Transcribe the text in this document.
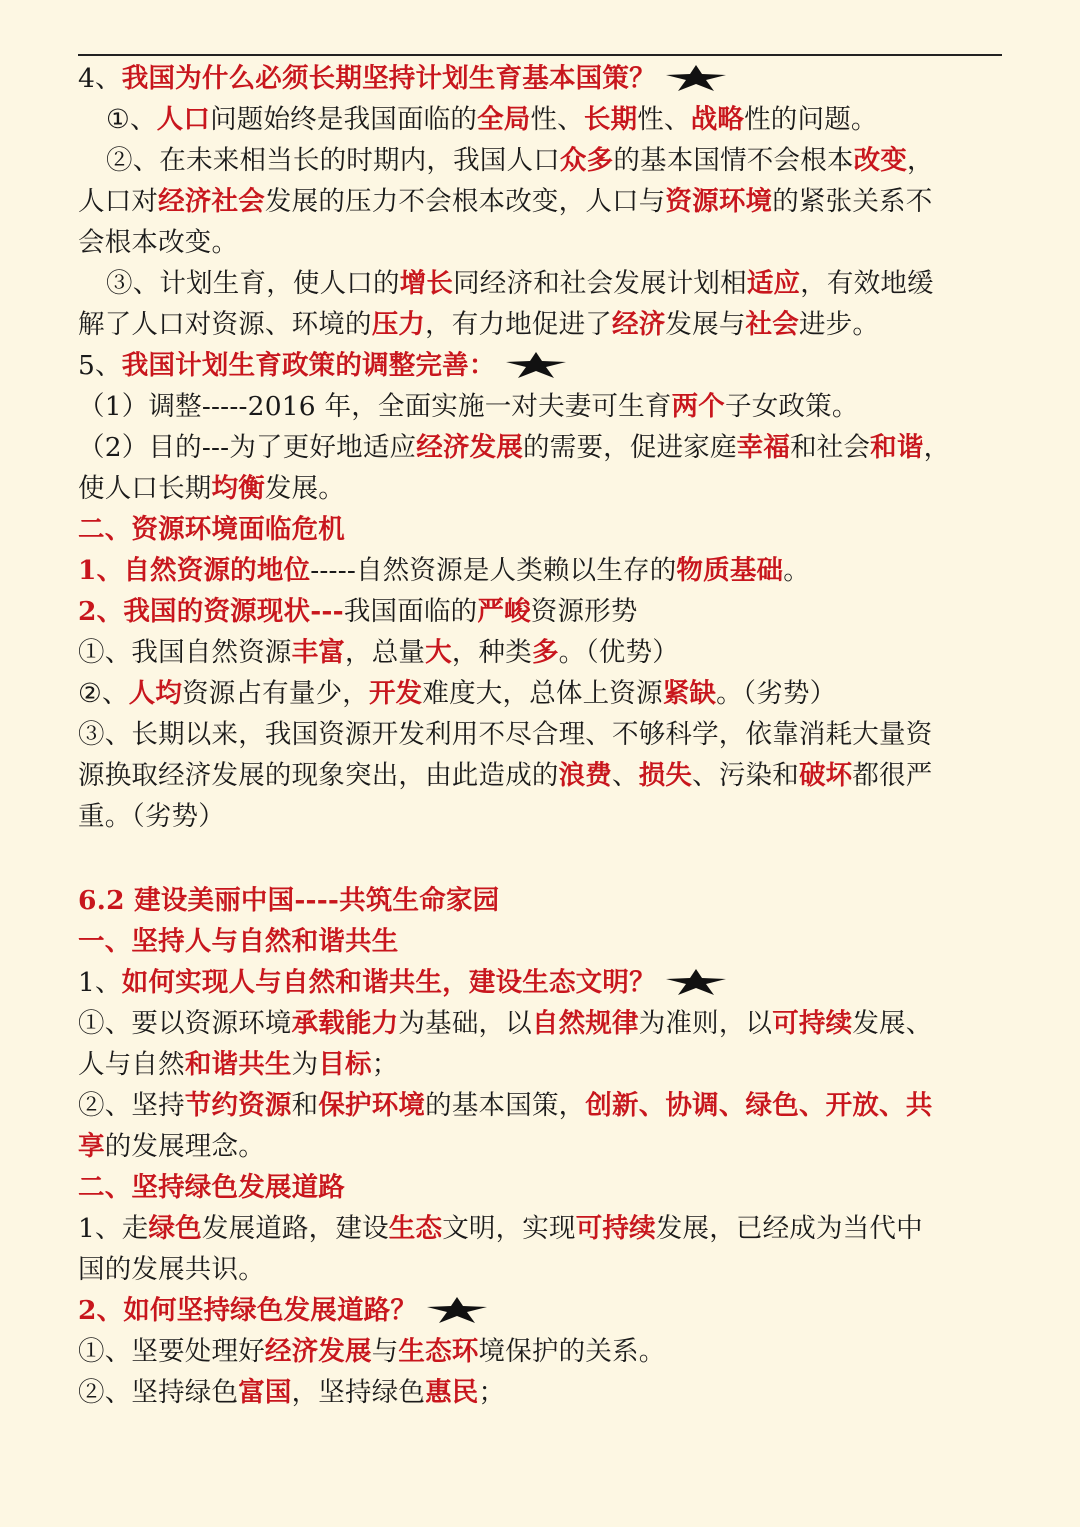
4、我国为什么必须长期坚持计划生育基本国策？
①、人口问题始终是我国面临的全局性、长期性、战略性的问题。
②、在未来相当长的时期内，我国人口众多的基本国情不会根本改变，
人口对经济社会发展的压力不会根本改变，人口与资源环境的紧张关系不
会根本改变。
③、计划生育，使人口的增长同经济和社会发展计划相适应，有效地缓
解了人口对资源、环境的压力，有力地促进了经济发展与社会进步。
5、我国计划生育政策的调整完善：
（1）调整-----2016 年，全面实施一对夫妻可生育两个子女政策。
（2）目的---为了更好地适应经济发展的需要，促进家庭幸福和社会和谐，
使人口长期均衡发展。
二、资源环境面临危机
1、自然资源的地位-----自然资源是人类赖以生存的物质基础。
2、我国的资源现状---我国面临的严峻资源形势
①、我国自然资源丰富，总量大，种类多。（优势）
②、人均资源占有量少，开发难度大，总体上资源紧缺。（劣势）
③、长期以来，我国资源开发利用不尽合理、不够科学，依靠消耗大量资
源换取经济发展的现象突出，由此造成的浪费、损失、污染和破坏都很严
重。（劣势）
6.2 建设美丽中国----共筑生命家园
一、坚持人与自然和谐共生
1、如何实现人与自然和谐共生，建设生态文明？
①、要以资源环境承载能力为基础，以自然规律为准则，以可持续发展、
人与自然和谐共生为目标；
②、坚持节约资源和保护环境的基本国策，创新、协调、绿色、开放、共
享的发展理念。
二、坚持绿色发展道路
1、走绿色发展道路，建设生态文明，实现可持续发展，已经成为当代中
国的发展共识。
2、如何坚持绿色发展道路？
①、坚要处理好经济发展与生态环境保护的关系。
②、坚持绿色富国，坚持绿色惠民；
